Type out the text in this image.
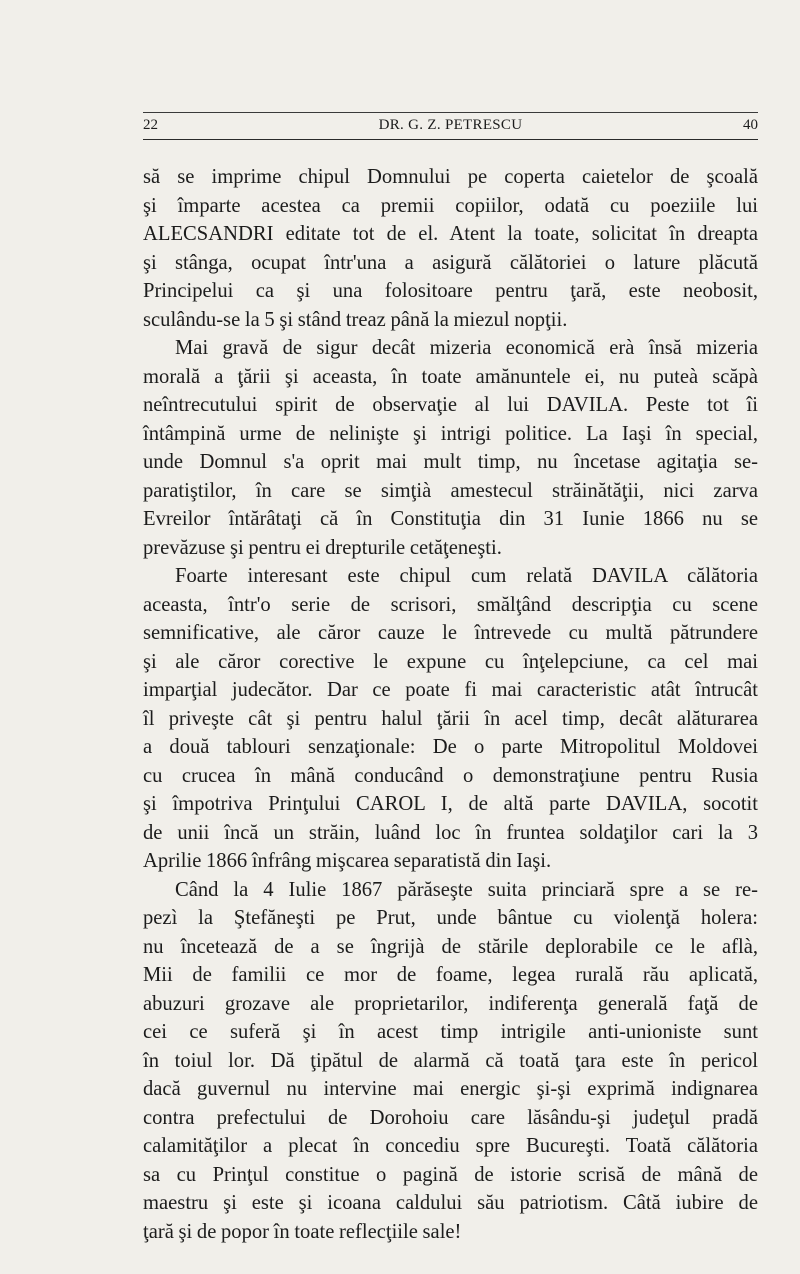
22	DR. G. Z. PETRESCU	40
să se imprime chipul Domnului pe coperta caietelor de şcoală
şi împarte acestea ca premii copiilor, odată cu poeziile lui
ALECSANDRI editate tot de el. Atent la toate, solicitat în dreapta
şi stânga, ocupat într'una a asigură călătoriei o lature plăcută
Principelui ca şi una folositoare pentru ţară, este neobosit,
sculându-se la 5 şi stând treaz până la miezul nopţii.
Mai gravă de sigur decât mizeria economică erà însă mizeria
morală a ţării şi aceasta, în toate amănuntele ei, nu puteà scăpà
neîntrecutului spirit de observaţie al lui DAVILA. Peste tot îi
întâmpină urme de nelinişte şi intrigi politice. La Iaşi în special,
unde Domnul s'a oprit mai mult timp, nu încetase agitaţia se-
paratiştilor, în care se simţià amestecul străinătăţii, nici zarva
Evreilor întărâtaţi că în Constituţia din 31 Iunie 1866 nu se
prevăzuse şi pentru ei drepturile cetăţeneşti.
Foarte interesant este chipul cum relată DAVILA călătoria
aceasta, într'o serie de scrisori, smălţând descripţia cu scene
semnificative, ale căror cauze le întrevede cu multă pătrundere
şi ale căror corective le expune cu înţelepciune, ca cel mai
imparţial judecător. Dar ce poate fi mai caracteristic atât întrucât
îl priveşte cât şi pentru halul ţării în acel timp, decât alăturarea
a două tablouri senzaţionale: De o parte Mitropolitul Moldovei
cu crucea în mână conducând o demonstraţiune pentru Rusia
şi împotriva Prinţului CAROL I, de altă parte DAVILA, socotit
de unii încă un străin, luând loc în fruntea soldaţilor cari la 3
Aprilie 1866 înfrâng mişcarea separatistă din Iaşi.
Când la 4 Iulie 1867 părăseşte suita princiară spre a se re-
pezì la Ştefăneşti pe Prut, unde bântue cu violenţă holera:
nu încetează de a se îngrijà de stările deplorabile ce le aflà,
Mii de familii ce mor de foame, legea rurală rău aplicată,
abuzuri grozave ale proprietarilor, indiferenţa generală faţă de
cei ce suferă şi în acest timp intrigile anti-unioniste sunt
în toiul lor. Dă ţipătul de alarmă că toată ţara este în pericol
dacă guvernul nu intervine mai energic şi-şi exprimă indignarea
contra prefectului de Dorohoiu care lăsându-şi judeţul pradă
calamităţilor a plecat în concediu spre Bucureşti. Toată călătoria
sa cu Prinţul constitue o pagină de istorie scrisă de mână de
maestru şi este şi icoana caldului său patriotism. Câtă iubire de
ţară şi de popor în toate reflecţiile sale!
